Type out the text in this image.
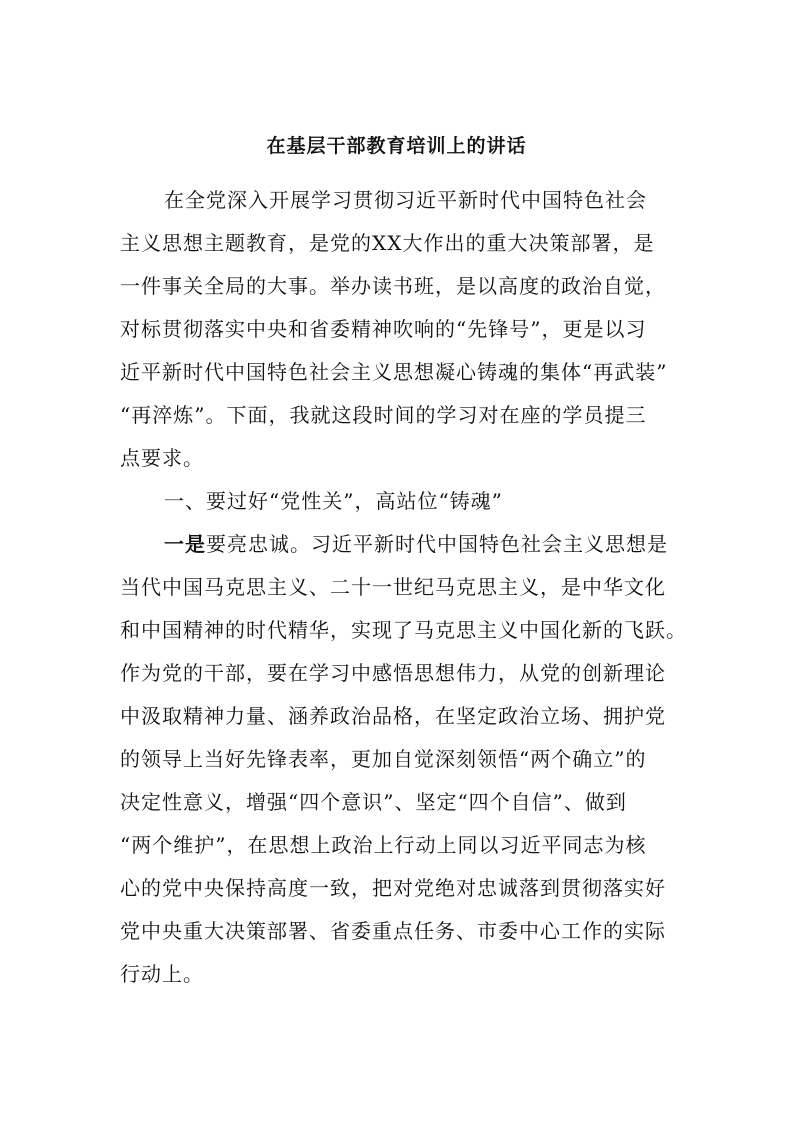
在基层干部教育培训上的讲话
在全党深入开展学习贯彻习近平新时代中国特色社会
主义思想主题教育，是党的XX大作出的重大决策部署，是
一件事关全局的大事。举办读书班，是以高度的政治自觉，
对标贯彻落实中央和省委精神吹响的“先锋号”，更是以习
近平新时代中国特色社会主义思想凝心铸魂的集体“再武装”
“再淬炼”。下面，我就这段时间的学习对在座的学员提三
点要求。
一、要过好“党性关”，高站位“铸魂”
一是要亮忠诚。习近平新时代中国特色社会主义思想是
当代中国马克思主义、二十一世纪马克思主义，是中华文化
和中国精神的时代精华，实现了马克思主义中国化新的飞跃。
作为党的干部，要在学习中感悟思想伟力，从党的创新理论
中汲取精神力量、涵养政治品格，在坚定政治立场、拥护党
的领导上当好先锋表率，更加自觉深刻领悟“两个确立”的
决定性意义，增强“四个意识”、坚定“四个自信”、做到
“两个维护”，在思想上政治上行动上同以习近平同志为核
心的党中央保持高度一致，把对党绝对忠诚落到贯彻落实好
党中央重大决策部署、省委重点任务、市委中心工作的实际
行动上。
